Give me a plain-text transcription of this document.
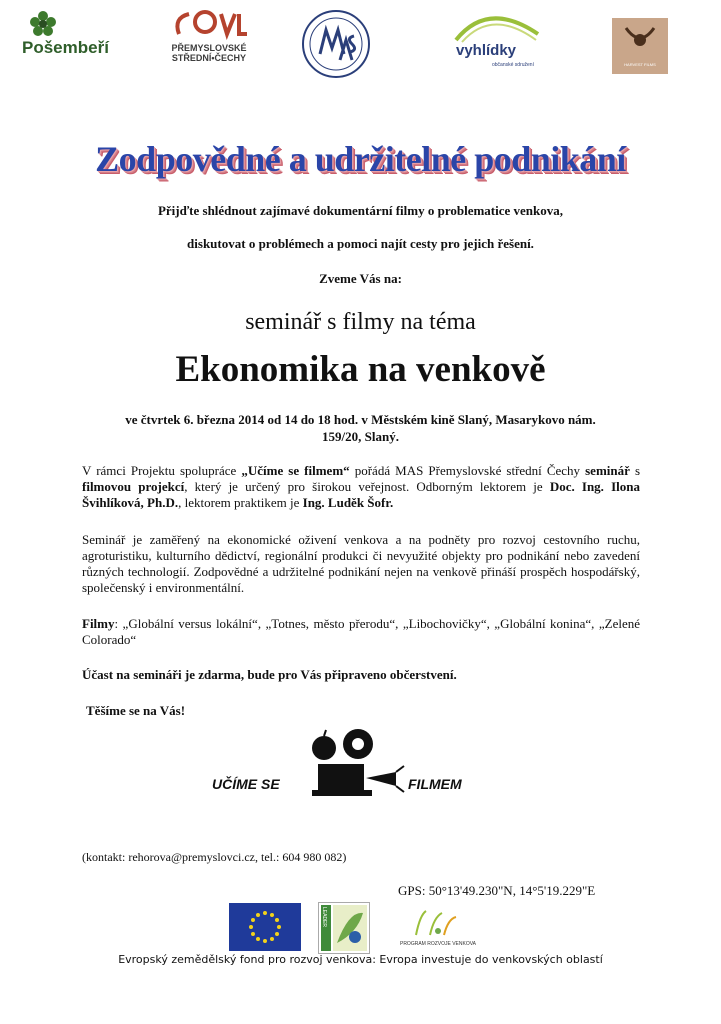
Pošembeří	PŘEMYSLOVSKÉ
STŘEDNÍ•ČECHY	vyhlídky
občanské sdružení	HARVEST FILMS
Zodpovědné a udržitelné podnikání
Přijďte shlédnout zajímavé dokumentární filmy o problematice venkova,
diskutovat o problémech a pomoci najít cesty pro jejich řešení.
Zveme Vás na:
seminář s filmy na téma
Ekonomika na venkově
ve čtvrtek 6. března 2014 od 14 do 18 hod. v Městském kině Slaný, Masarykovo nám.
159/20, Slaný.
V rámci Projektu spolupráce „Učíme se filmem“ pořádá MAS Přemyslovské střední Čechy seminář s filmovou projekcí, který je určený pro širokou veřejnost. Odborným lektorem je Doc. Ing. Ilona Švihlíková, Ph.D., lektorem praktikem je Ing. Luděk Šofr.
Seminář je zaměřený na ekonomické oživení venkova a na podněty pro rozvoj cestovního ruchu, agroturistiku, kulturního dědictví, regionální produkci či nevyužité objekty pro podnikání nebo zavedení různých technologií. Zodpovědné a udržitelné podnikání nejen na venkově přináší prospěch hospodářský, společenský i environmentální.
Filmy: „Globální versus lokální“, „Totnes, město přerodu“, „Libochovičky“, „Globální konina“, „Zelené Colorado“
Účast na semináři je zdarma, bude pro Vás připraveno občerstvení.
Těšíme se na Vás!
UČÍME SE	FILMEM
(kontakt: rehorova@premyslovci.cz, tel.: 604 980 082)
GPS: 50°13'49.230"N, 14°5'19.229"E
LEADER
PROGRAM ROZVOJE VENKOVA
Evropský zemědělský fond pro rozvoj venkova: Evropa investuje do venkovských oblastí
